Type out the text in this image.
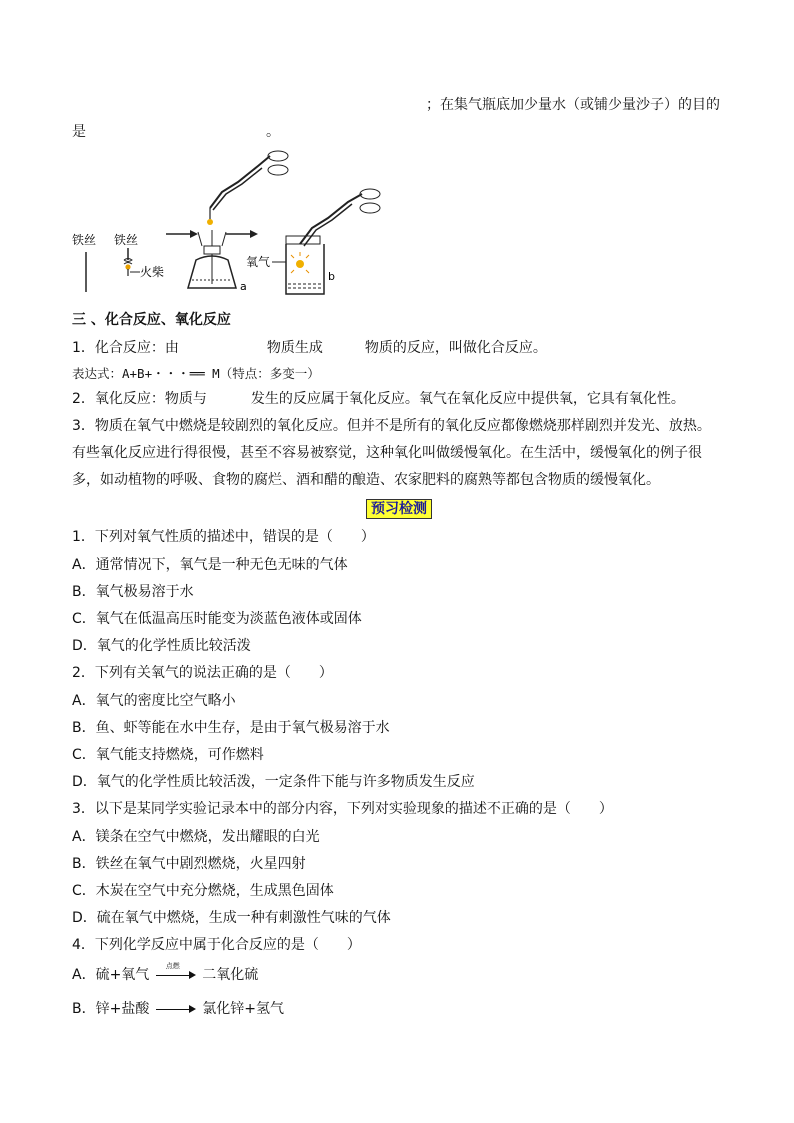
；在集气瓶底加少量水（或铺少量沙子）的目的
是	。
铁丝 铁丝
火柴
a
氧气
b
三 、化合反应、氧化反应
1．化合反应：由	物质生成	物质的反应，叫做化合反应。
表达式：A+B+・・・══ M（特点：多变一）
2．氧化反应：物质与	发生的反应属于氧化反应。氧气在氧化反应中提供氧，它具有氧化性。
3．物质在氧气中燃烧是较剧烈的氧化反应。但并不是所有的氧化反应都像燃烧那样剧烈并发光、放热。有些氧化反应进行得很慢，甚至不容易被察觉，这种氧化叫做缓慢氧化。在生活中，缓慢氧化的例子很多，如动植物的呼吸、食物的腐烂、酒和醋的酿造、农家肥料的腐熟等都包含物质的缓慢氧化。
预习检测
1．下列对氧气性质的描述中，错误的是（　　）
A．通常情况下，氧气是一种无色无味的气体
B．氧气极易溶于水
C．氧气在低温高压时能变为淡蓝色液体或固体
D．氧气的化学性质比较活泼
2．下列有关氧气的说法正确的是（　　）
A．氧气的密度比空气略小
B．鱼、虾等能在水中生存，是由于氧气极易溶于水
C．氧气能支持燃烧，可作燃料
D．氧气的化学性质比较活泼，一定条件下能与许多物质发生反应
3．以下是某同学实验记录本中的部分内容，下列对实验现象的描述不正确的是（　　）
A．镁条在空气中燃烧，发出耀眼的白光
B．铁丝在氧气中剧烈燃烧，火星四射
C．木炭在空气中充分燃烧，生成黑色固体
D．硫在氧气中燃烧，生成一种有刺激性气味的气体
4．下列化学反应中属于化合反应的是（　　）
A．硫+氧气
点燃
二氧化硫
B．锌+盐酸	氯化锌+氢气
